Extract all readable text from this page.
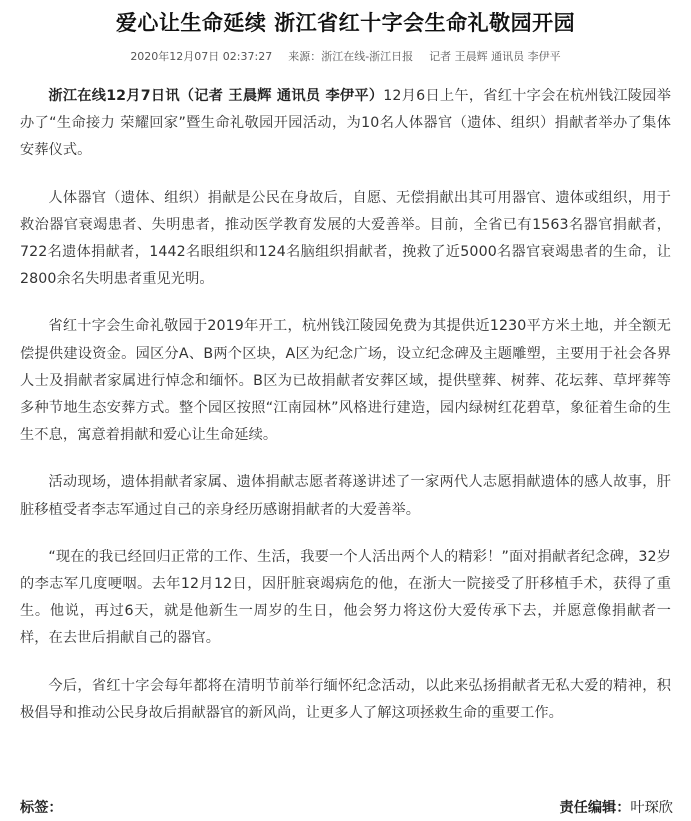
爱心让生命延续 浙江省红十字会生命礼敬园开园
2020年12月07日 02:37:27 来源：浙江在线-浙江日报 记者 王晨辉 通讯员 李伊平

浙江在线12月7日讯（记者 王晨辉 通讯员 李伊平）12月6日上午，省红十字会在杭州钱江陵园举办了“生命接力 荣耀回家”暨生命礼敬园开园活动，为10名人体器官（遗体、组织）捐献者举办了集体安葬仪式。

人体器官（遗体、组织）捐献是公民在身故后，自愿、无偿捐献出其可用器官、遗体或组织，用于救治器官衰竭患者、失明患者，推动医学教育发展的大爱善举。目前，全省已有1563名器官捐献者，722名遗体捐献者，1442名眼组织和124名脑组织捐献者，挽救了近5000名器官衰竭患者的生命，让2800余名失明患者重见光明。

省红十字会生命礼敬园于2019年开工，杭州钱江陵园免费为其提供近1230平方米土地，并全额无偿提供建设资金。园区分A、B两个区块，A区为纪念广场，设立纪念碑及主题雕塑，主要用于社会各界人士及捐献者家属进行悼念和缅怀。B区为已故捐献者安葬区域，提供壁葬、树葬、花坛葬、草坪葬等多种节地生态安葬方式。整个园区按照“江南园林”风格进行建造，园内绿树红花碧草，象征着生命的生生不息，寓意着捐献和爱心让生命延续。

活动现场，遗体捐献者家属、遗体捐献志愿者蒋遂讲述了一家两代人志愿捐献遗体的感人故事，肝脏移植受者李志军通过自己的亲身经历感谢捐献者的大爱善举。

“现在的我已经回归正常的工作、生活，我要一个人活出两个人的精彩！”面对捐献者纪念碑，32岁的李志军几度哽咽。去年12月12日，因肝脏衰竭病危的他，在浙大一院接受了肝移植手术，获得了重生。他说，再过6天，就是他新生一周岁的生日，他会努力将这份大爱传承下去，并愿意像捐献者一样，在去世后捐献自己的器官。

今后，省红十字会每年都将在清明节前举行缅怀纪念活动，以此来弘扬捐献者无私大爱的精神，积极倡导和推动公民身故后捐献器官的新风尚，让更多人了解这项拯救生命的重要工作。

标签：	责任编辑：叶琛欣
